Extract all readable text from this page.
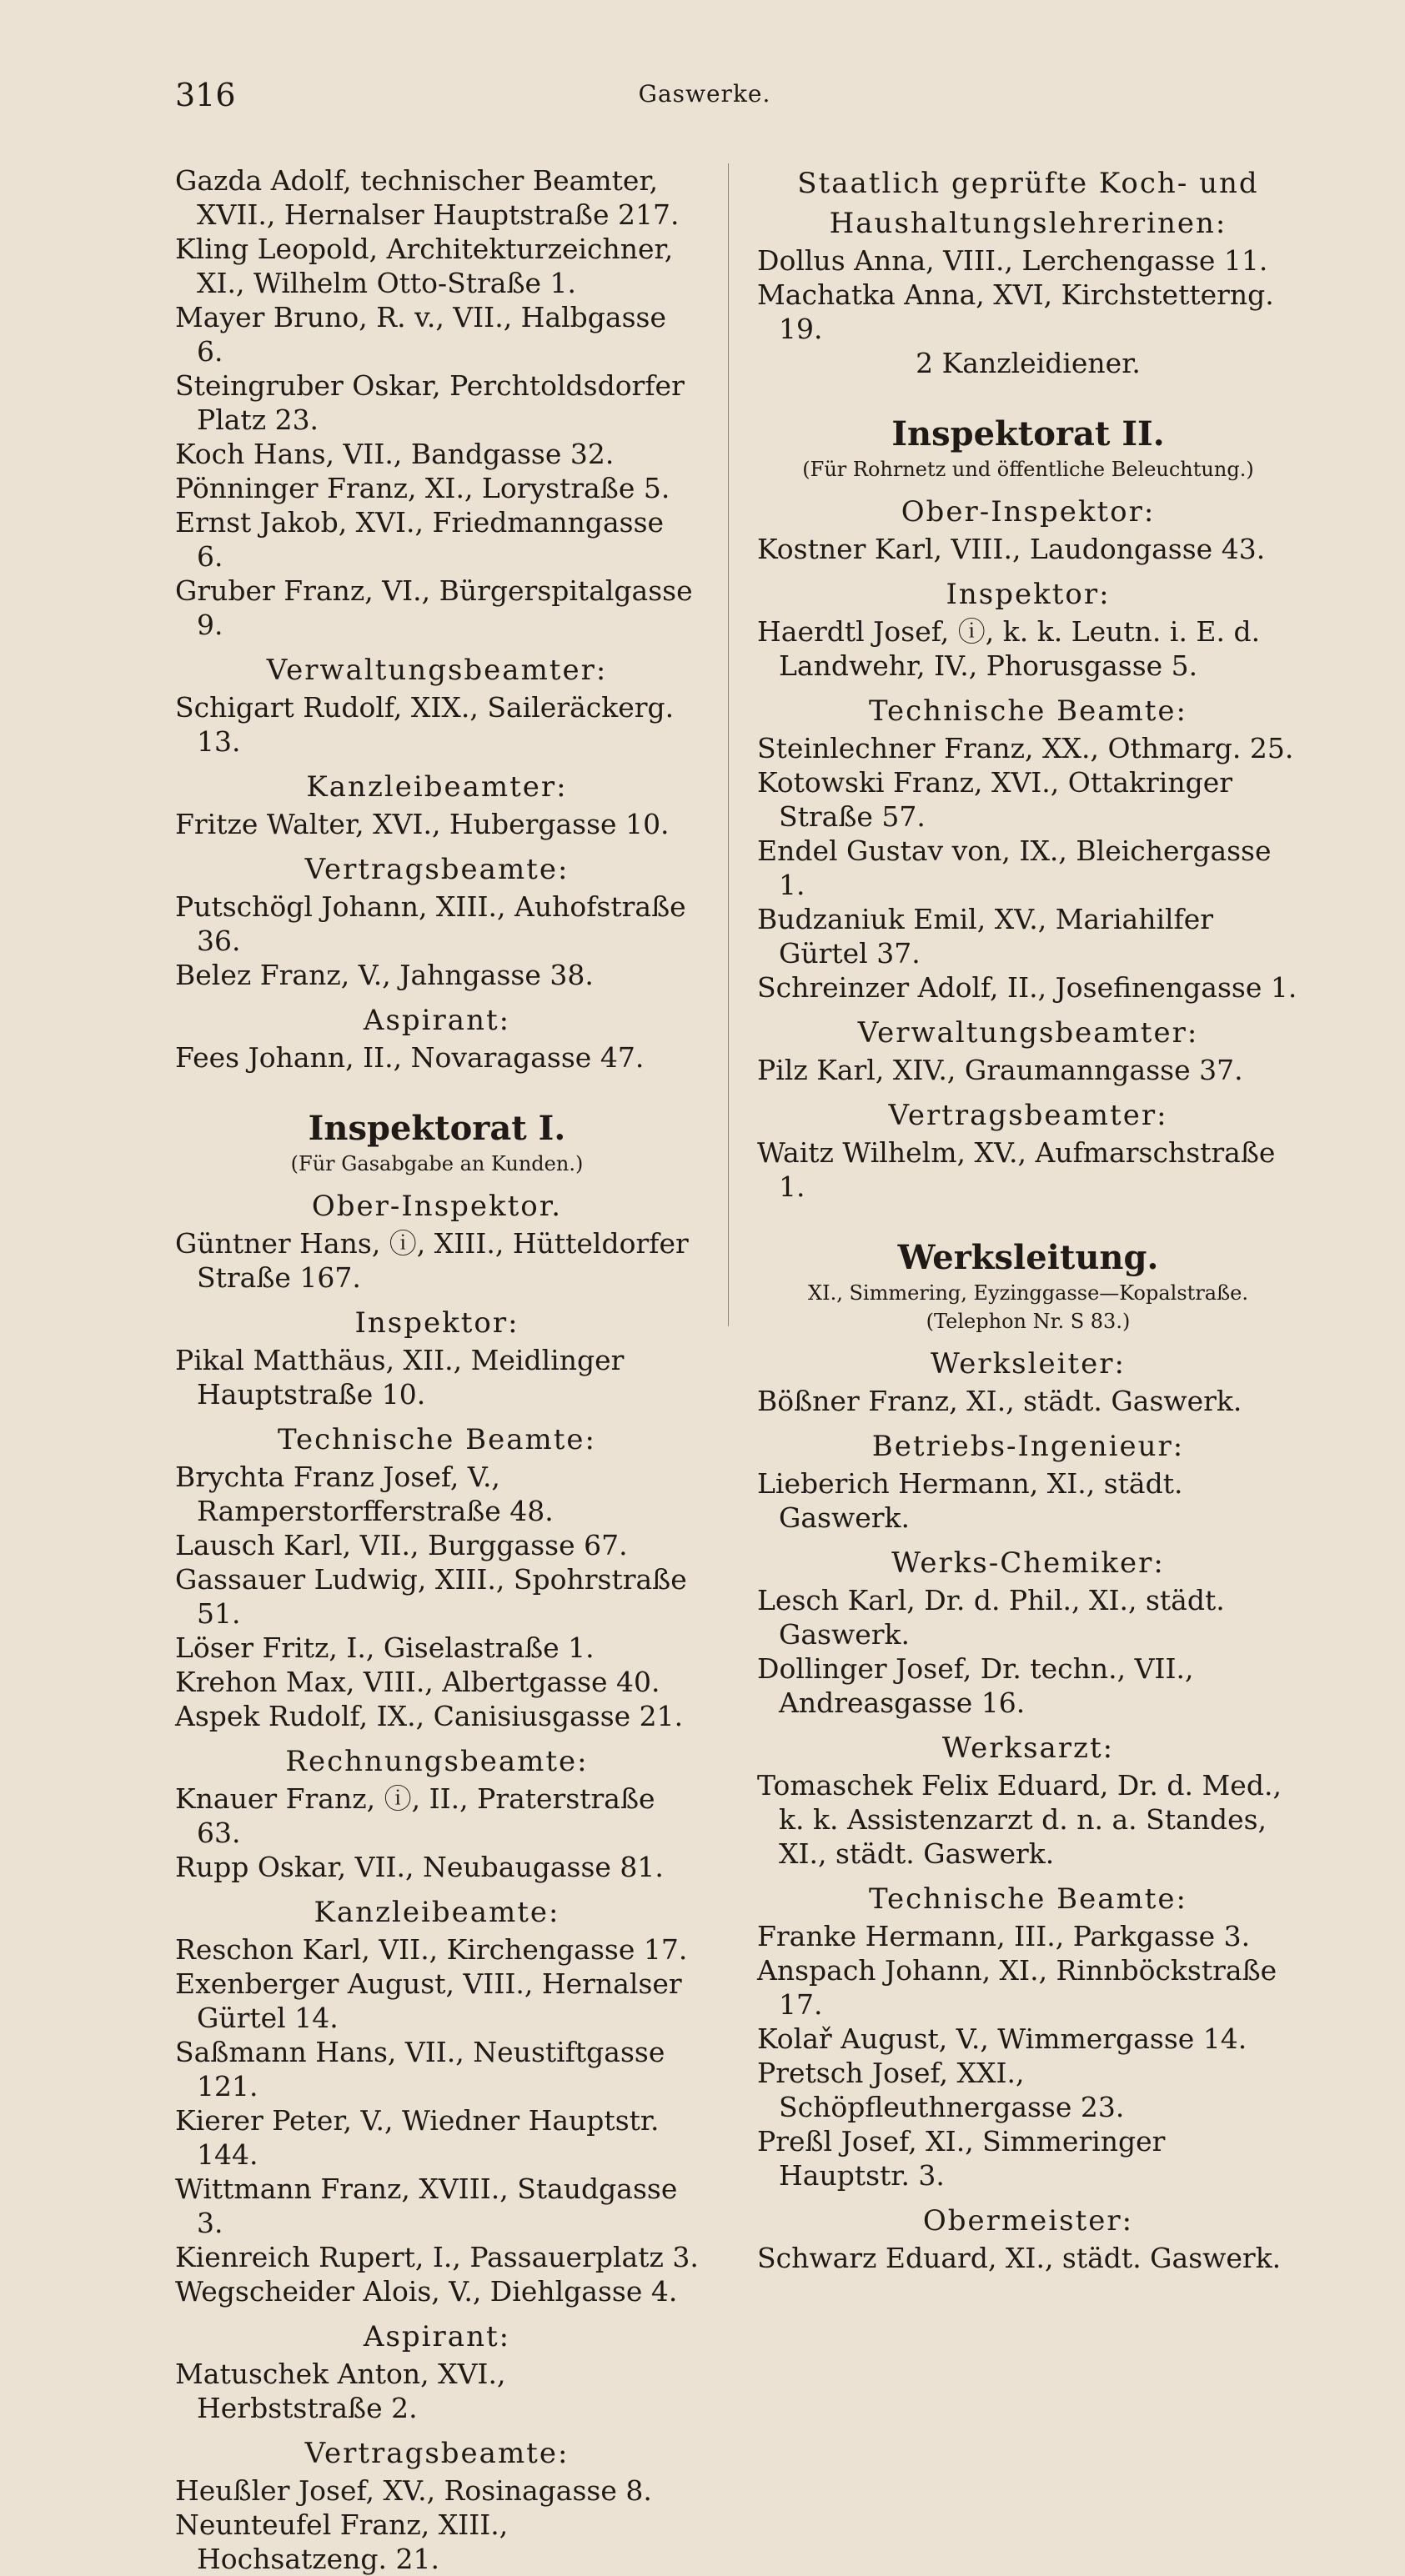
316	Gaswerke.
Gazda Adolf, technischer Beamter, XVII., Hernalser Hauptstraße 217.
Kling Leopold, Architekturzeichner, XI., Wilhelm Otto-Straße 1.
Mayer Bruno, R. v., VII., Halbgasse 6.
Steingruber Oskar, Perchtoldsdorfer Platz 23.
Koch Hans, VII., Bandgasse 32.
Pönninger Franz, XI., Lorystraße 5.
Ernst Jakob, XVI., Friedmanngasse 6.
Gruber Franz, VI., Bürgerspitalgasse 9.
Verwaltungsbeamter:
Schigart Rudolf, XIX., Saileräckerg. 13.
Kanzleibeamter:
Fritze Walter, XVI., Hubergasse 10.
Vertragsbeamte:
Putschögl Johann, XIII., Auhofstraße 36.
Belez Franz, V., Jahngasse 38.
Aspirant:
Fees Johann, II., Novaragasse 47.
Inspektorat I.
(Für Gasabgabe an Kunden.)
Ober-Inspektor.
Güntner Hans, ⓘ, XIII., Hütteldorfer Straße 167.
Inspektor:
Pikal Matthäus, XII., Meidlinger Hauptstraße 10.
Technische Beamte:
Brychta Franz Josef, V., Ramperstorfferstraße 48.
Lausch Karl, VII., Burggasse 67.
Gassauer Ludwig, XIII., Spohrstraße 51.
Löser Fritz, I., Giselastraße 1.
Krehon Max, VIII., Albertgasse 40.
Aspek Rudolf, IX., Canisiusgasse 21.
Rechnungsbeamte:
Knauer Franz, ⓘ, II., Praterstraße 63.
Rupp Oskar, VII., Neubaugasse 81.
Kanzleibeamte:
Reschon Karl, VII., Kirchengasse 17.
Exenberger August, VIII., Hernalser Gürtel 14.
Saßmann Hans, VII., Neustiftgasse 121.
Kierer Peter, V., Wiedner Hauptstr. 144.
Wittmann Franz, XVIII., Staudgasse 3.
Kienreich Rupert, I., Passauerplatz 3.
Wegscheider Alois, V., Diehlgasse 4.
Aspirant:
Matuschek Anton, XVI., Herbststraße 2.
Vertragsbeamte:
Heußler Josef, XV., Rosinagasse 8.
Neunteufel Franz, XIII., Hochsatzeng. 21.
Staatlich geprüfte Koch- und Haushaltungslehrerinen:
Dollus Anna, VIII., Lerchengasse 11.
Machatka Anna, XVI, Kirchstetterng. 19.
2 Kanzleidiener.
Inspektorat II.
(Für Rohrnetz und öffentliche Beleuchtung.)
Ober-Inspektor:
Kostner Karl, VIII., Laudongasse 43.
Inspektor:
Haerdtl Josef, ⓘ, k. k. Leutn. i. E. d. Landwehr, IV., Phorusgasse 5.
Technische Beamte:
Steinlechner Franz, XX., Othmarg. 25.
Kotowski Franz, XVI., Ottakringer Straße 57.
Endel Gustav von, IX., Bleichergasse 1.
Budzaniuk Emil, XV., Mariahilfer Gürtel 37.
Schreinzer Adolf, II., Josefinengasse 1.
Verwaltungsbeamter:
Pilz Karl, XIV., Graumanngasse 37.
Vertragsbeamter:
Waitz Wilhelm, XV., Aufmarschstraße 1.
Werksleitung.
XI., Simmering, Eyzinggasse—Kopalstraße.
(Telephon Nr. S 83.)
Werksleiter:
Bößner Franz, XI., städt. Gaswerk.
Betriebs-Ingenieur:
Lieberich Hermann, XI., städt. Gaswerk.
Werks-Chemiker:
Lesch Karl, Dr. d. Phil., XI., städt. Gaswerk.
Dollinger Josef, Dr. techn., VII., Andreasgasse 16.
Werksarzt:
Tomaschek Felix Eduard, Dr. d. Med., k. k. Assistenzarzt d. n. a. Standes, XI., städt. Gaswerk.
Technische Beamte:
Franke Hermann, III., Parkgasse 3.
Anspach Johann, XI., Rinnböckstraße 17.
Kolař August, V., Wimmergasse 14.
Pretsch Josef, XXI., Schöpfleuthnergasse 23.
Preßl Josef, XI., Simmeringer Hauptstr. 3.
Obermeister:
Schwarz Eduard, XI., städt. Gaswerk.
